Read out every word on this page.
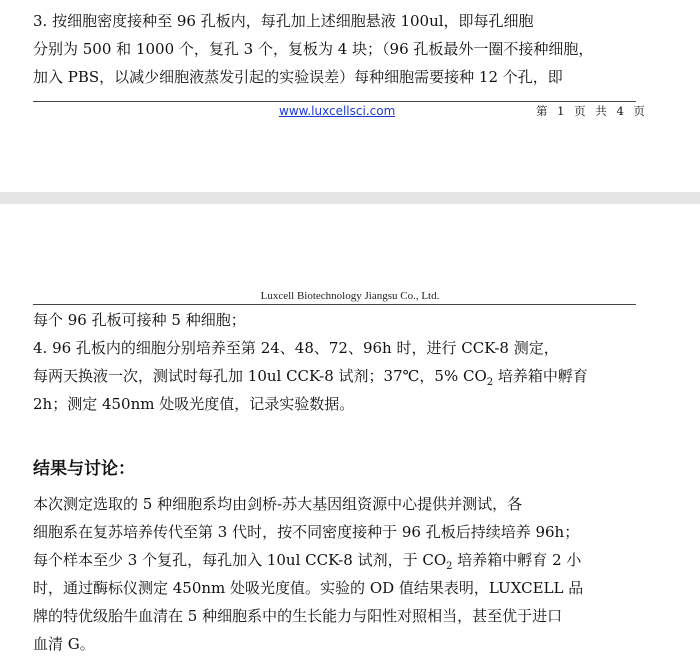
3. 按细胞密度接种至 96 孔板内，每孔加上述细胞悬液 100ul，即每孔细胞
分别为 500 和 1000 个，复孔 3 个，复板为 4 块；（96 孔板最外一圈不接种细胞，
加入 PBS，以减少细胞液蒸发引起的实验误差）每种细胞需要接种 12 个孔，即
www.luxcellsci.com	第 1 页 共 4 页
Luxcell Biotechnology Jiangsu Co., Ltd.
每个 96 孔板可接种 5 种细胞；
4. 96 孔板内的细胞分别培养至第 24、48、72、96h 时，进行 CCK-8 测定，
每两天换液一次，测试时每孔加 10ul CCK-8 试剂；37℃，5% $CO_2$ 培养箱中孵育
2h；测定 450nm 处吸光度值，记录实验数据。
结果与讨论：
本次测定选取的 5 种细胞系均由剑桥-苏大基因组资源中心提供并测试，各
细胞系在复苏培养传代至第 3 代时，按不同密度接种于 96 孔板后持续培养 96h；
每个样本至少 3 个复孔，每孔加入 10ul CCK-8 试剂，于 $CO_2$ 培养箱中孵育 2 小
时，通过酶标仪测定 450nm 处吸光度值。实验的 OD 值结果表明，LUXCELL 品
牌的特优级胎牛血清在 5 种细胞系中的生长能力与阳性对照相当，甚至优于进口
血清 G。
